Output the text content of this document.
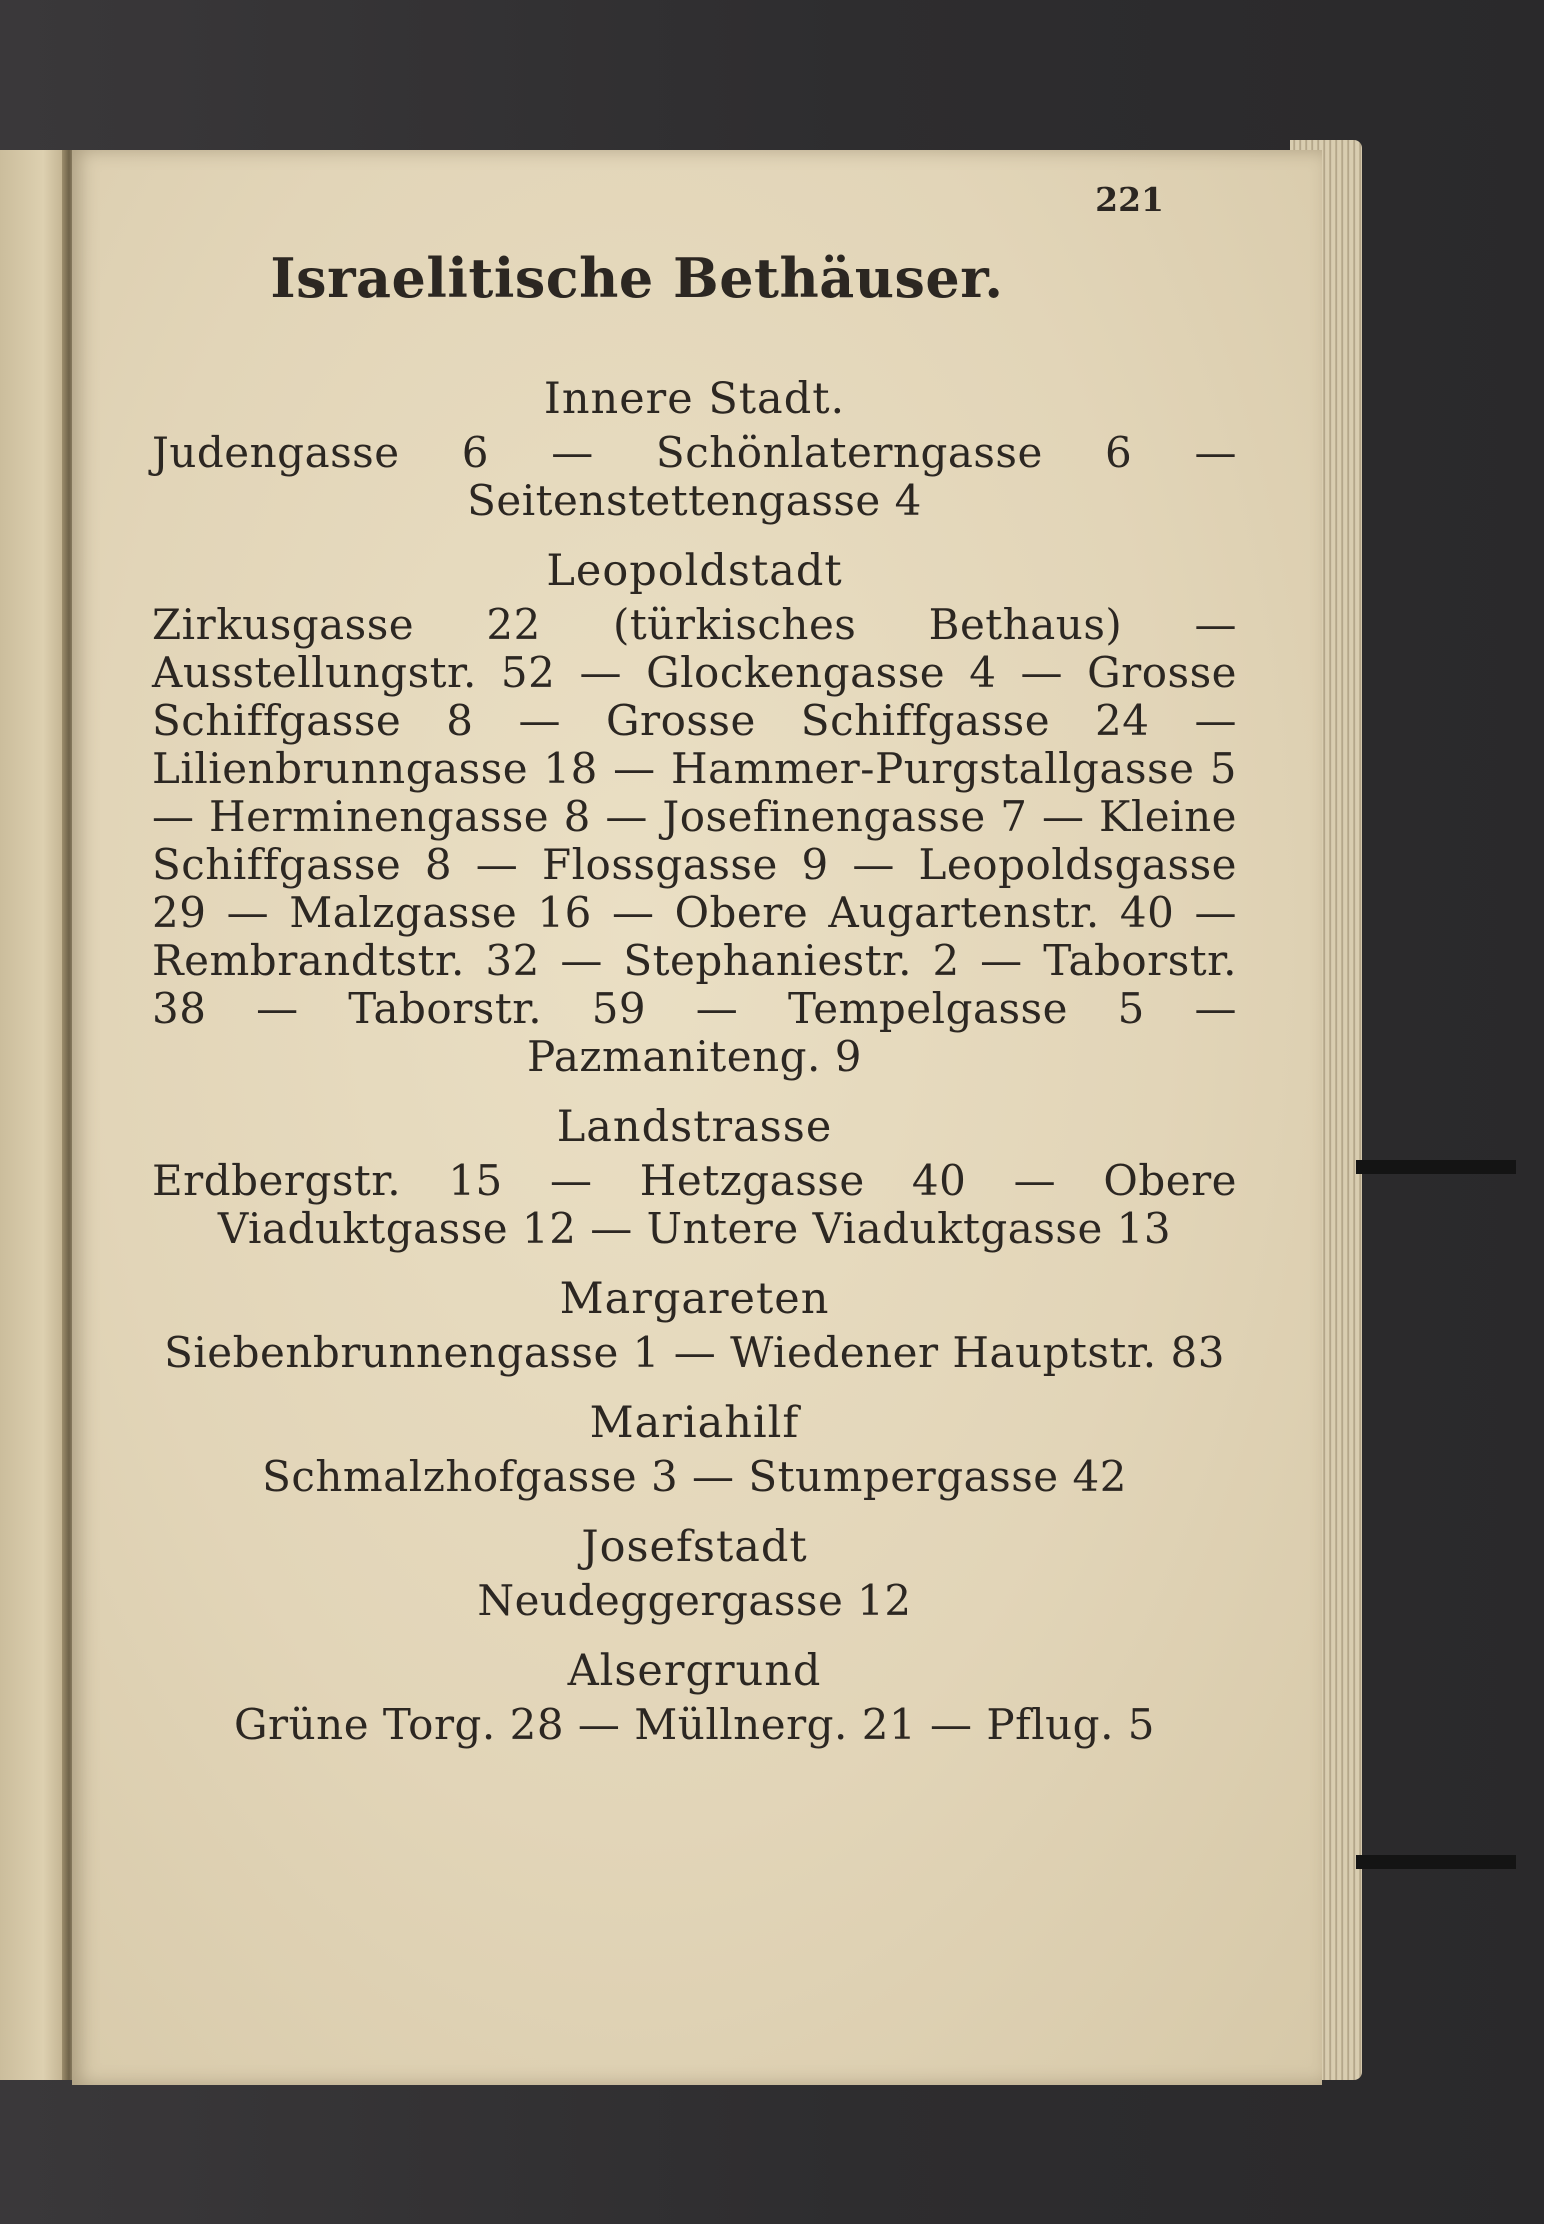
221
Israelitische Bethäuser.
Innere Stadt.
Judengasse 6 — Schönlaterngasse 6 — Seitenstettengasse 4
Leopoldstadt
Zirkusgasse 22 (türkisches Bethaus) — Ausstellungstr. 52 — Glockengasse 4 — Grosse Schiffgasse 8 — Grosse Schiffgasse 24 — Lilienbrunngasse 18 — Hammer-Purgstallgasse 5 — Herminengasse 8 — Josefinengasse 7 — Kleine Schiffgasse 8 — Flossgasse 9 — Leopoldsgasse 29 — Malzgasse 16 — Obere Augartenstr. 40 — Rembrandtstr. 32 — Stephaniestr. 2 — Taborstr. 38 — Taborstr. 59 — Tempelgasse 5 — Pazmaniteng. 9
Landstrasse
Erdbergstr. 15 — Hetzgasse 40 — Obere Viaduktgasse 12 — Untere Viaduktgasse 13
Margareten
Siebenbrunnengasse 1 — Wiedener Hauptstr. 83
Mariahilf
Schmalzhofgasse 3 — Stumpergasse 42
Josefstadt
Neudeggergasse 12
Alsergrund
Grüne Torg. 28 — Müllnerg. 21 — Pflug. 5
